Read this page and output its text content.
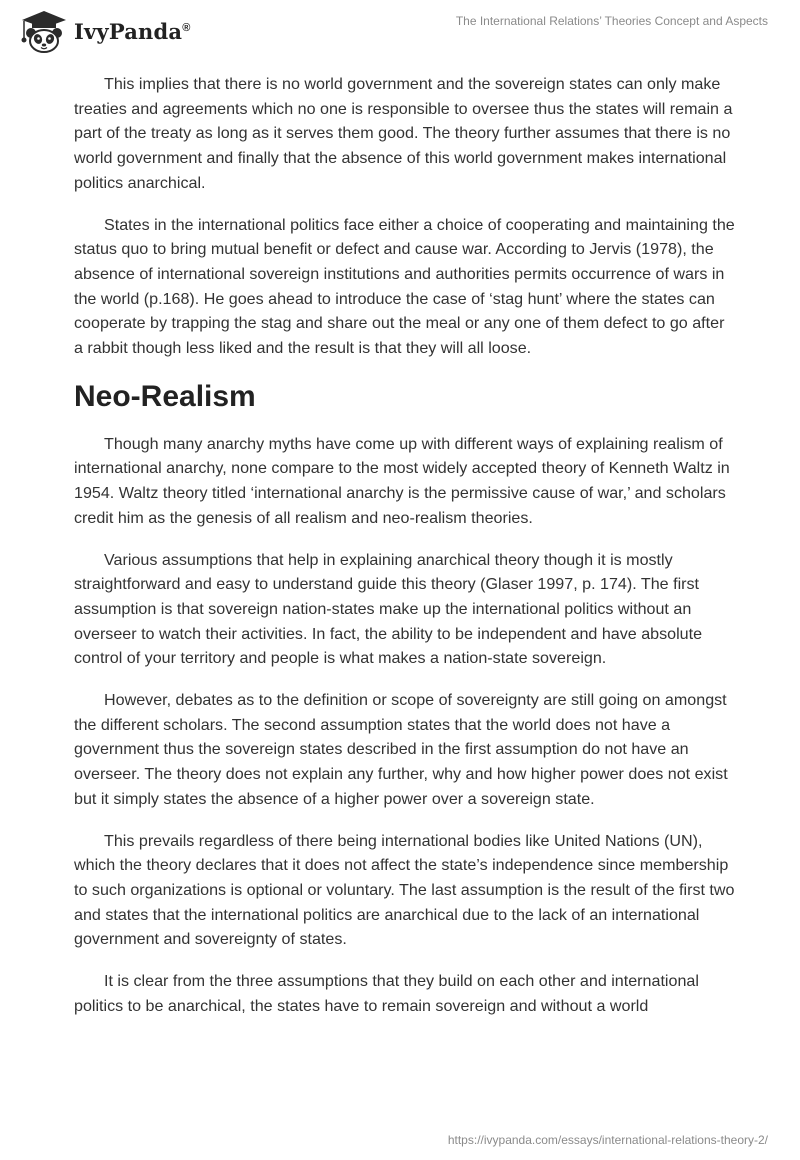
IvyPanda®	The International Relations’ Theories Concept and Aspects

This implies that there is no world government and the sovereign states can only make treaties and agreements which no one is responsible to oversee thus the states will remain a part of the treaty as long as it serves them good. The theory further assumes that there is no world government and finally that the absence of this world government makes international politics anarchical.

States in the international politics face either a choice of cooperating and maintaining the status quo to bring mutual benefit or defect and cause war. According to Jervis (1978), the absence of international sovereign institutions and authorities permits occurrence of wars in the world (p.168). He goes ahead to introduce the case of ‘stag hunt’ where the states can cooperate by trapping the stag and share out the meal or any one of them defect to go after a rabbit though less liked and the result is that they will all loose.

Neo-Realism

Though many anarchy myths have come up with different ways of explaining realism of international anarchy, none compare to the most widely accepted theory of Kenneth Waltz in 1954. Waltz theory titled ‘international anarchy is the permissive cause of war,’ and scholars credit him as the genesis of all realism and neo-realism theories.

Various assumptions that help in explaining anarchical theory though it is mostly straightforward and easy to understand guide this theory (Glaser 1997, p. 174). The first assumption is that sovereign nation-states make up the international politics without an overseer to watch their activities. In fact, the ability to be independent and have absolute control of your territory and people is what makes a nation-state sovereign.

However, debates as to the definition or scope of sovereignty are still going on amongst the different scholars. The second assumption states that the world does not have a government thus the sovereign states described in the first assumption do not have an overseer. The theory does not explain any further, why and how higher power does not exist but it simply states the absence of a higher power over a sovereign state.

This prevails regardless of there being international bodies like United Nations (UN), which the theory declares that it does not affect the state’s independence since membership to such organizations is optional or voluntary. The last assumption is the result of the first two and states that the international politics are anarchical due to the lack of an international government and sovereignty of states.

It is clear from the three assumptions that they build on each other and international politics to be anarchical, the states have to remain sovereign and without a world

https://ivypanda.com/essays/international-relations-theory-2/
